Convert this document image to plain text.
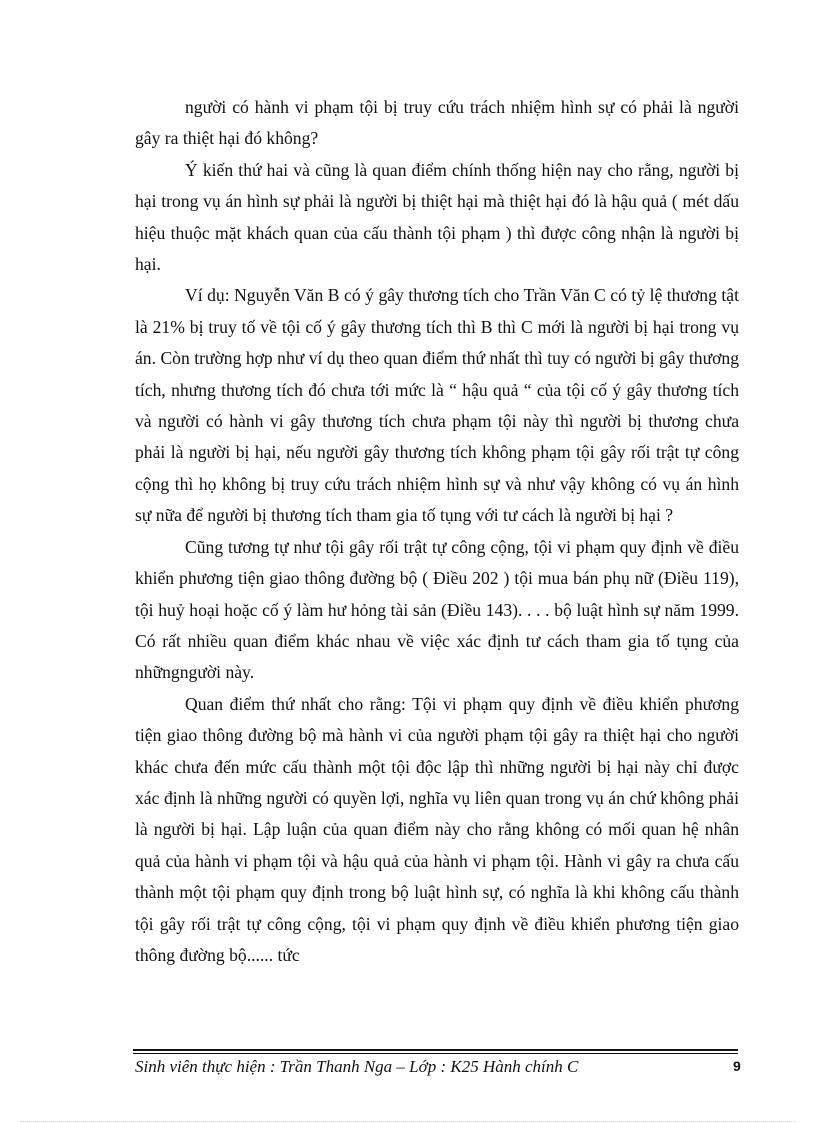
người có hành vi phạm tội bị truy cứu trách nhiệm hình sự có phải là người gây ra thiệt hại đó không?

Ý kiến thứ hai và cũng là quan điểm chính thống hiện nay cho rằng, người bị hại trong vụ án hình sự phải là người bị thiệt hại mà thiệt hại đó là hậu quả ( mét dấu hiệu thuộc mặt khách quan của cấu thành tội phạm ) thì được công nhận là người bị hại.

Ví dụ: Nguyễn Văn B có ý gây thương tích cho Trần Văn C có tỷ lệ thương tật là 21% bị truy tố về tội cố ý gây thương tích thì B thì C mới là người bị hại trong vụ án. Còn trường hợp như ví dụ theo quan điểm thứ nhất thì tuy có người bị gây thương tích, nhưng thương tích đó chưa tới mức là “ hậu quả “ của tội cố ý gây thương tích và người có hành vi gây thương tích chưa phạm tội này thì người bị thương chưa phải là người bị hại, nếu người gây thương tích không phạm tội gây rối trật tự công cộng thì họ không bị truy cứu trách nhiệm hình sự và như vậy không có vụ án hình sự nữa để người bị thương tích tham gia tố tụng với tư cách là người bị hại ?

Cũng tương tự như tội gây rối trật tự công cộng, tội vi phạm quy định về điều khiển phương tiện giao thông đường bộ ( Điều 202 ) tội mua bán phụ nữ (Điều 119), tội huỷ hoại hoặc cố ý làm hư hỏng tài sản (Điều 143). . . . bộ luật hình sự năm 1999. Có rất nhiều quan điểm khác nhau về việc xác định tư cách tham gia tố tụng của nhữngngười này.

Quan điểm thứ nhất cho rằng: Tội vi phạm quy định về điều khiển phương tiện giao thông đường bộ mà hành vi của người phạm tội gây ra thiệt hại cho người khác chưa đến mức cấu thành một tội độc lập thì những người bị hại này chỉ được xác định là những người có quyền lợi, nghĩa vụ liên quan trong vụ án chứ không phải là người bị hại. Lập luận của quan điểm này cho rằng không có mối quan hệ nhân quả của hành vi phạm tội và hậu quả của hành vi phạm tội. Hành vi gây ra chưa cấu thành một tội phạm quy định trong bộ luật hình sự, có nghĩa là khi không cấu thành tội gây rối trật tự công cộng, tội vi phạm quy định về điều khiển phương tiện giao thông đường bộ...... tức

Sinh viên thực hiện : Trần Thanh Nga – Lớp : K25 Hành chính C	9
